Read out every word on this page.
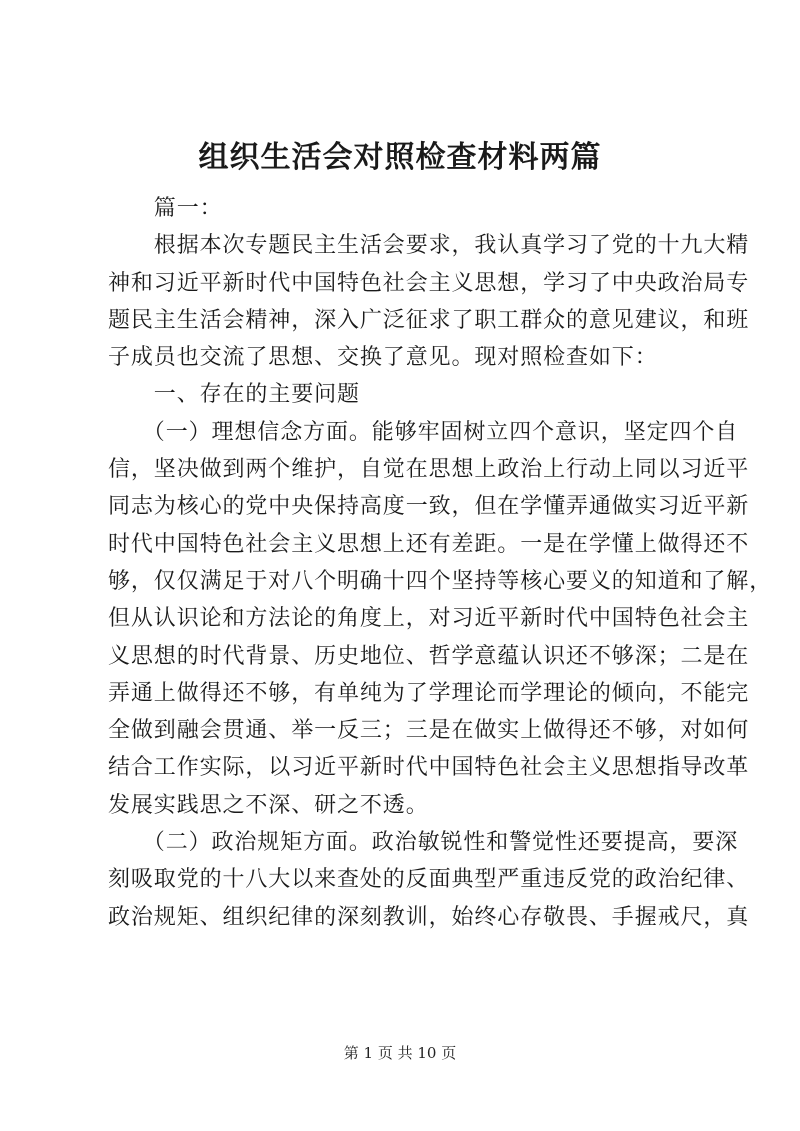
组织生活会对照检查材料两篇
　　篇一：
　　根据本次专题民主生活会要求，我认真学习了党的十九大精
神和习近平新时代中国特色社会主义思想，学习了中央政治局专
题民主生活会精神，深入广泛征求了职工群众的意见建议，和班
子成员也交流了思想、交换了意见。现对照检查如下：
　　一、存在的主要问题
　　（一）理想信念方面。能够牢固树立四个意识，坚定四个自
信，坚决做到两个维护，自觉在思想上政治上行动上同以习近平
同志为核心的党中央保持高度一致，但在学懂弄通做实习近平新
时代中国特色社会主义思想上还有差距。一是在学懂上做得还不
够，仅仅满足于对八个明确十四个坚持等核心要义的知道和了解，
但从认识论和方法论的角度上，对习近平新时代中国特色社会主
义思想的时代背景、历史地位、哲学意蕴认识还不够深；二是在
弄通上做得还不够，有单纯为了学理论而学理论的倾向，不能完
全做到融会贯通、举一反三；三是在做实上做得还不够，对如何
结合工作实际，以习近平新时代中国特色社会主义思想指导改革
发展实践思之不深、研之不透。
　　（二）政治规矩方面。政治敏锐性和警觉性还要提高，要深
刻吸取党的十八大以来查处的反面典型严重违反党的政治纪律、
政治规矩、组织纪律的深刻教训，始终心存敬畏、手握戒尺，真
第 1 页 共 10 页
